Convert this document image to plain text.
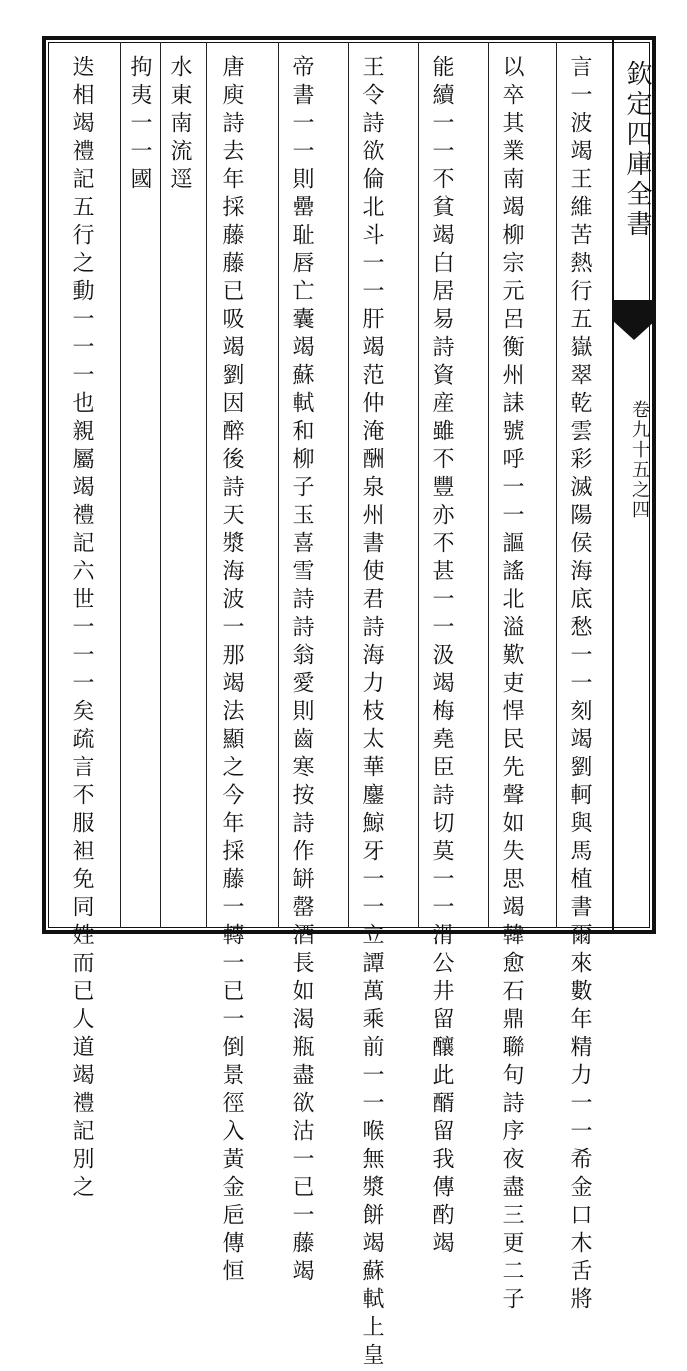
欽定四庫全書
卷九十五之四
言一波竭王維苦熱行五嶽翠乾雲彩滅陽侯海底愁一一刻竭劉軻與馬植書爾來數年精力一一希金口木舌將
以卒其業南竭柳宗元呂衡州誄號呼一一謳謠北溢歎吏悍民先聲如失思竭韓愈石鼎聯句詩序夜盡三更二子
能續一一不貧竭白居易詩資産雖不豐亦不甚一一汲竭梅堯臣詩切莫一一滑公井留釀此醑留我傳酌竭
王令詩欲倫北斗一一肝竭范仲淹酬泉州書使君詩海力枝太華鏖鯨牙一一立譚萬乘前一一喉無漿餅竭蘇軾上皇
帝書一一則罍耻唇亡囊竭蘇軾和柳子玉喜雪詩詩翁愛則齒寒按詩作缾罄酒長如渴瓶盡欲沽一已一藤竭
唐庾詩去年採藤藤已吸竭劉因醉後詩天漿海波一那竭法顯之今年採藤一轉一已一倒景徑入黃金巵傳恒
水東南流逕
拘夷一一國
迭相竭禮記五行之動一一一也親屬竭禮記六世一一一矣疏言不服袒免同姓而已人道竭禮記別之
